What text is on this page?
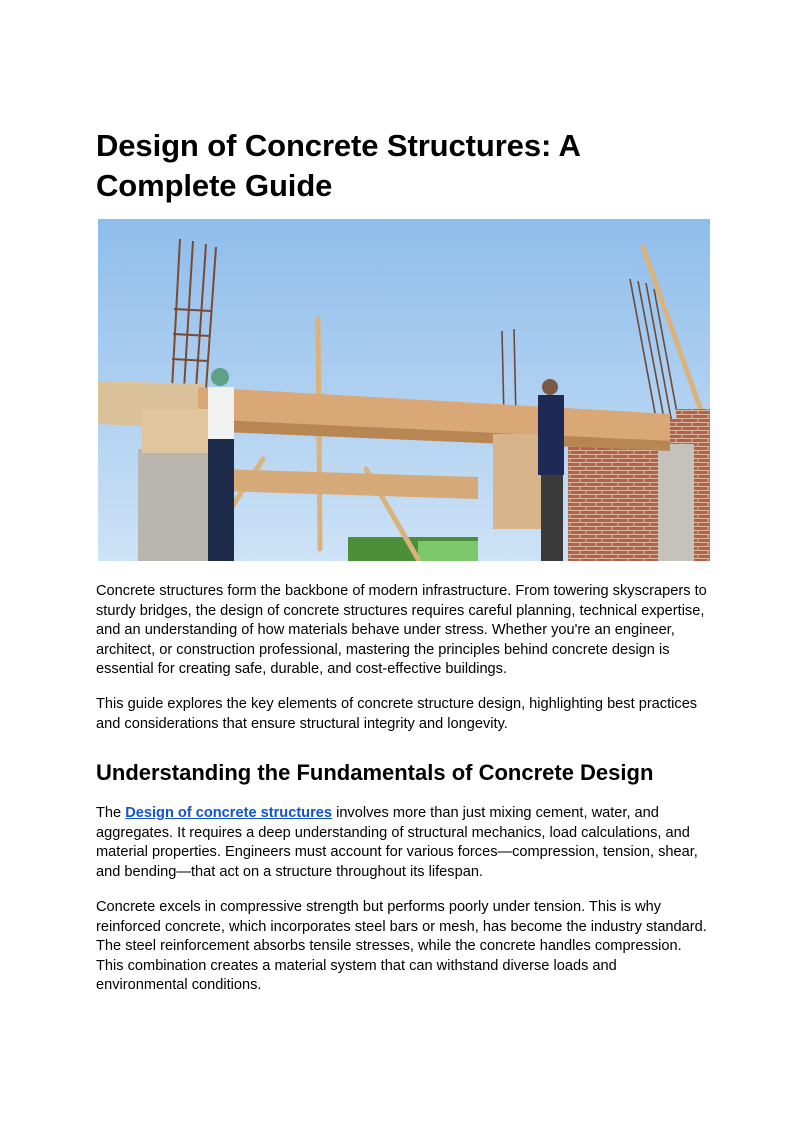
Design of Concrete Structures: A Complete Guide

Concrete structures form the backbone of modern infrastructure. From towering skyscrapers to sturdy bridges, the design of concrete structures requires careful planning, technical expertise, and an understanding of how materials behave under stress. Whether you're an engineer, architect, or construction professional, mastering the principles behind concrete design is essential for creating safe, durable, and cost-effective buildings.

This guide explores the key elements of concrete structure design, highlighting best practices and considerations that ensure structural integrity and longevity.

Understanding the Fundamentals of Concrete Design

The Design of concrete structures involves more than just mixing cement, water, and aggregates. It requires a deep understanding of structural mechanics, load calculations, and material properties. Engineers must account for various forces—compression, tension, shear, and bending—that act on a structure throughout its lifespan.

Concrete excels in compressive strength but performs poorly under tension. This is why reinforced concrete, which incorporates steel bars or mesh, has become the industry standard. The steel reinforcement absorbs tensile stresses, while the concrete handles compression. This combination creates a material system that can withstand diverse loads and environmental conditions.
